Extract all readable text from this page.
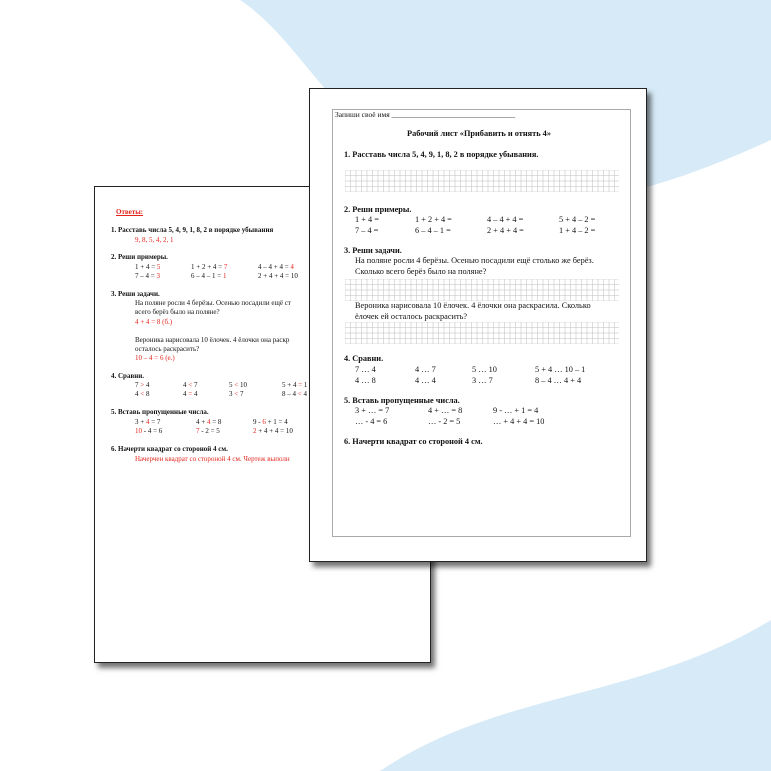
Ответы:
1. Расставь числа 5, 4, 9, 1, 8, 2 в порядке убывания
9, 8, 5, 4, 2, 1
2. Реши примеры.
1 + 4 = 5	1 + 2 + 4 = 7	4 – 4 + 4 = 4
7 – 4 = 3	6 – 4 – 1 = 1	2 + 4 + 4 = 10
3. Реши задачи.
На поляне росли 4 берёзы. Осенью посадили ещё ст
всего берёз было на поляне?
4 + 4 = 8 (б.)
Вероника нарисовала 10 ёлочек. 4 ёлочки она раскр
осталось раскрасить?
10 – 4 = 6 (е.)
4. Сравни.
7 > 4	4 < 7	5 < 10	5 + 4 = 1
4 < 8	4 = 4	3 < 7	8 – 4 < 4
5. Вставь пропущенные числа.
3 + 4 = 7	4 + 4 = 8	9 - 6 + 1 = 4
10 - 4 = 6	7 - 2 = 5	2 + 4 + 4 = 10
6. Начерти квадрат со стороной 4 см.
Начерчен квадрат со стороной 4 см. Чертеж выполн
Запиши своё имя _________________________________
Рабочий лист «Прибавить и отнять 4»
1. Расставь числа 5, 4, 9, 1, 8, 2 в порядке убывания.
2. Реши примеры.
1 + 4 =	1 + 2 + 4 =	4 – 4 + 4 =	5 + 4 – 2 =
7 – 4 =	6 – 4 – 1 =	2 + 4 + 4 =	1 + 4 – 2 =
3. Реши задачи.
На поляне росли 4 берёзы. Осенью посадили ещё столько же берёз.
Сколько всего берёз было на поляне?
Вероника нарисовала 10 ёлочек. 4 ёлочки она раскрасила. Сколько
ёлочек ей осталось раскрасить?
4. Сравни.
7 … 4	4 … 7	5 … 10	5 + 4 … 10 – 1
4 … 8	4 … 4	3 … 7	8 – 4 … 4 + 4
5. Вставь пропущенные числа.
3 + … = 7	4 + … = 8	9 - … + 1 = 4
… - 4 = 6	… - 2 = 5	… + 4 + 4 = 10
6. Начерти квадрат со стороной 4 см.
